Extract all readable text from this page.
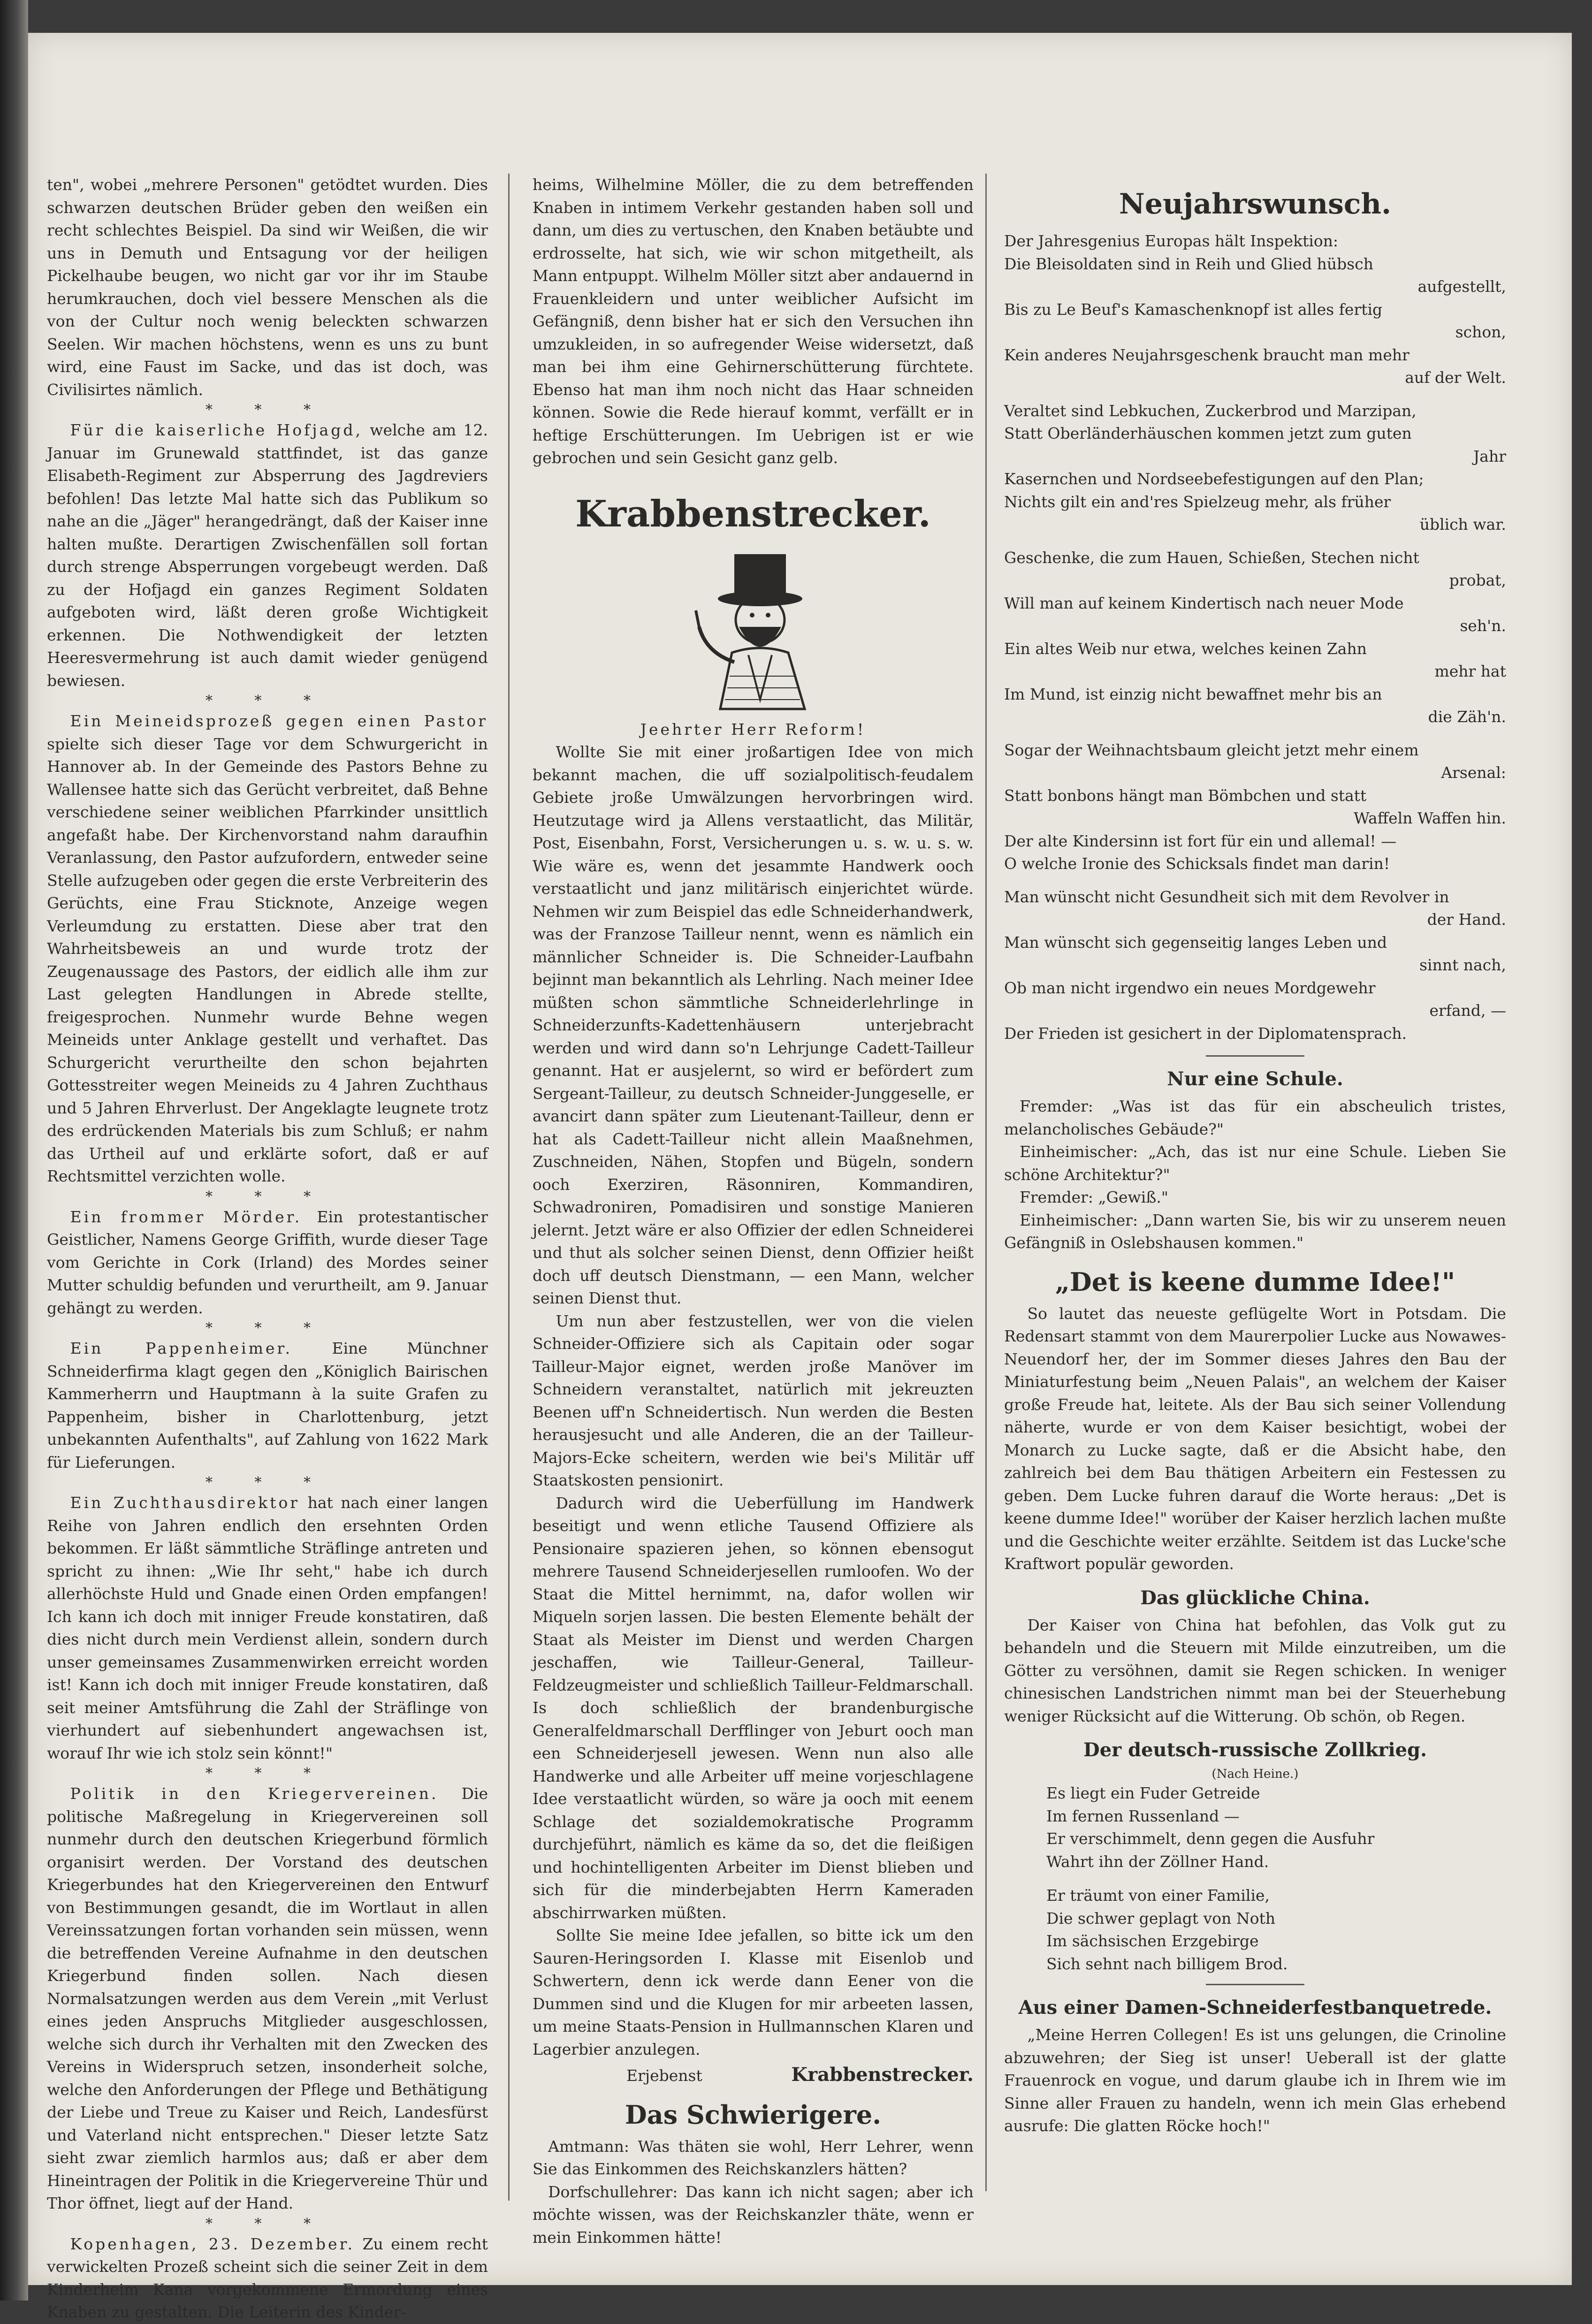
ten", wobei „mehrere Personen" getödtet wurden. Dies schwarzen deutschen Brüder geben den weißen ein recht schlechtes Beispiel. Da sind wir Weißen, die wir uns in Demuth und Entsagung vor der heiligen Pickelhaube beugen, wo nicht gar vor ihr im Staube herumkrauchen, doch viel bessere Menschen als die von der Cultur noch wenig beleckten schwarzen Seelen. Wir machen höchstens, wenn es uns zu bunt wird, eine Faust im Sacke, und das ist doch, was Civilisirtes nämlich.

* * *

Für die kaiserliche Hofjagd, welche am 12. Januar im Grunewald stattfindet, ist das ganze Elisabeth-Regiment zur Absperrung des Jagdreviers befohlen! Das letzte Mal hatte sich das Publikum so nahe an die „Jäger" herangedrängt, daß der Kaiser inne halten mußte. Derartigen Zwischenfällen soll fortan durch strenge Absperrungen vorgebeugt werden. Daß zu der Hofjagd ein ganzes Regiment Soldaten aufgeboten wird, läßt deren große Wichtigkeit erkennen. Die Nothwendigkeit der letzten Heeresvermehrung ist auch damit wieder genügend bewiesen.

* * *

Ein Meineidsprozeß gegen einen Pastor spielte sich dieser Tage vor dem Schwurgericht in Hannover ab. In der Gemeinde des Pastors Behne zu Wallensee hatte sich das Gerücht verbreitet, daß Behne verschiedene seiner weiblichen Pfarrkinder unsittlich angefaßt habe. Der Kirchenvorstand nahm daraufhin Veranlassung, den Pastor aufzufordern, entweder seine Stelle aufzugeben oder gegen die erste Verbreiterin des Gerüchts, eine Frau Sticknote, Anzeige wegen Verleumdung zu erstatten. Diese aber trat den Wahrheitsbeweis an und wurde trotz der Zeugenaussage des Pastors, der eidlich alle ihm zur Last gelegten Handlungen in Abrede stellte, freigesprochen. Nunmehr wurde Behne wegen Meineids unter Anklage gestellt und verhaftet. Das Schurgericht verurtheilte den schon bejahrten Gottesstreiter wegen Meineids zu 4 Jahren Zuchthaus und 5 Jahren Ehrverlust. Der Angeklagte leugnete trotz des erdrückenden Materials bis zum Schluß; er nahm das Urtheil auf und erklärte sofort, daß er auf Rechtsmittel verzichten wolle.

* * *

Ein frommer Mörder. Ein protestantischer Geistlicher, Namens George Griffith, wurde dieser Tage vom Gerichte in Cork (Irland) des Mordes seiner Mutter schuldig befunden und verurtheilt, am 9. Januar gehängt zu werden.

* * *

Ein Pappenheimer. Eine Münchner Schneiderfirma klagt gegen den „Königlich Bairischen Kammerherrn und Hauptmann à la suite Grafen zu Pappenheim, bisher in Charlottenburg, jetzt unbekannten Aufenthalts", auf Zahlung von 1622 Mark für Lieferungen.

* * *

Ein Zuchthausdirektor hat nach einer langen Reihe von Jahren endlich den ersehnten Orden bekommen. Er läßt sämmtliche Sträflinge antreten und spricht zu ihnen: „Wie Ihr seht," habe ich durch allerhöchste Huld und Gnade einen Orden empfangen! Ich kann ich doch mit inniger Freude konstatiren, daß dies nicht durch mein Verdienst allein, sondern durch unser gemeinsames Zusammenwirken erreicht worden ist! Kann ich doch mit inniger Freude konstatiren, daß seit meiner Amtsführung die Zahl der Sträflinge von vierhundert auf siebenhundert angewachsen ist, worauf Ihr wie ich stolz sein könnt!"

* * *

Politik in den Kriegervereinen. Die politische Maßregelung in Kriegervereinen soll nunmehr durch den deutschen Kriegerbund förmlich organisirt werden. Der Vorstand des deutschen Kriegerbundes hat den Kriegervereinen den Entwurf von Bestimmungen gesandt, die im Wortlaut in allen Vereinssatzungen fortan vorhanden sein müssen, wenn die betreffenden Vereine Aufnahme in den deutschen Kriegerbund finden sollen. Nach diesen Normalsatzungen werden aus dem Verein „mit Verlust eines jeden Anspruchs Mitglieder ausgeschlossen, welche sich durch ihr Verhalten mit den Zwecken des Vereins in Widerspruch setzen, insonderheit solche, welche den Anforderungen der Pflege und Bethätigung der Liebe und Treue zu Kaiser und Reich, Landesfürst und Vaterland nicht entsprechen." Dieser letzte Satz sieht zwar ziemlich harmlos aus; daß er aber dem Hineintragen der Politik in die Kriegervereine Thür und Thor öffnet, liegt auf der Hand.

* * *

Kopenhagen, 23. Dezember. Zu einem recht verwickelten Prozeß scheint sich die seiner Zeit in dem Kinderheim Kana vorgekommene Ermordung eines Knaben zu gestalten. Die Leiterin des Kinder-

heims, Wilhelmine Möller, die zu dem betreffenden Knaben in intimem Verkehr gestanden haben soll und dann, um dies zu vertuschen, den Knaben betäubte und erdrosselte, hat sich, wie wir schon mitgetheilt, als Mann entpuppt. Wilhelm Möller sitzt aber andauernd in Frauenkleidern und unter weiblicher Aufsicht im Gefängniß, denn bisher hat er sich den Versuchen ihn umzukleiden, in so aufregender Weise widersetzt, daß man bei ihm eine Gehirnerschütterung fürchtete. Ebenso hat man ihm noch nicht das Haar schneiden können. Sowie die Rede hierauf kommt, verfällt er in heftige Erschütterungen. Im Uebrigen ist er wie gebrochen und sein Gesicht ganz gelb.

Krabbenstrecker.
Jeehrter Herr Reform!

Wollte Sie mit einer jroßartigen Idee von mich bekannt machen, die uff sozialpolitisch-feudalem Gebiete jroße Umwälzungen hervorbringen wird. Heutzutage wird ja Allens verstaatlicht, das Militär, Post, Eisenbahn, Forst, Versicherungen u. s. w. u. s. w. Wie wäre es, wenn det jesammte Handwerk ooch verstaatlicht und janz militärisch einjerichtet würde. Nehmen wir zum Beispiel das edle Schneiderhandwerk, was der Franzose Tailleur nennt, wenn es nämlich ein männlicher Schneider is. Die Schneider-Laufbahn bejinnt man bekanntlich als Lehrling. Nach meiner Idee müßten schon sämmtliche Schneiderlehrlinge in Schneiderzunfts-Kadettenhäusern unterjebracht werden und wird dann so'n Lehrjunge Cadett-Tailleur genannt. Hat er ausjelernt, so wird er befördert zum Sergeant-Tailleur, zu deutsch Schneider-Junggeselle, er avancirt dann später zum Lieutenant-Tailleur, denn er hat als Cadett-Tailleur nicht allein Maaßnehmen, Zuschneiden, Nähen, Stopfen und Bügeln, sondern ooch Exerziren, Räsonniren, Kommandiren, Schwadroniren, Pomadisiren und sonstige Manieren jelernt. Jetzt wäre er also Offizier der edlen Schneiderei und thut als solcher seinen Dienst, denn Offizier heißt doch uff deutsch Dienstmann, — een Mann, welcher seinen Dienst thut.

Um nun aber festzustellen, wer von die vielen Schneider-Offiziere sich als Capitain oder sogar Tailleur-Major eignet, werden jroße Manöver im Schneidern veranstaltet, natürlich mit jekreuzten Beenen uff'n Schneidertisch. Nun werden die Besten herausjesucht und alle Anderen, die an der Tailleur-Majors-Ecke scheitern, werden wie bei's Militär uff Staatskosten pensionirt.

Dadurch wird die Ueberfüllung im Handwerk beseitigt und wenn etliche Tausend Offiziere als Pensionaire spazieren jehen, so können ebensogut mehrere Tausend Schneiderjesellen rumloofen. Wo der Staat die Mittel hernimmt, na, dafor wollen wir Miqueln sorjen lassen. Die besten Elemente behält der Staat als Meister im Dienst und werden Chargen jeschaffen, wie Tailleur-General, Tailleur-Feldzeugmeister und schließlich Tailleur-Feldmarschall. Is doch schließlich der brandenburgische Generalfeldmarschall Derfflinger von Jeburt ooch man een Schneiderjesell jewesen. Wenn nun also alle Handwerke und alle Arbeiter uff meine vorjeschlagene Idee verstaatlicht würden, so wäre ja ooch mit eenem Schlage det sozialdemokratische Programm durchjeführt, nämlich es käme da so, det die fleißigen und hochintelligenten Arbeiter im Dienst blieben und sich für die minderbejabten Herrn Kameraden abschirrwarken müßten.

Sollte Sie meine Idee jefallen, so bitte ick um den Sauren-Heringsorden I. Klasse mit Eisenlob und Schwertern, denn ick werde dann Eener von die Dummen sind und die Klugen for mir arbeeten lassen, um meine Staats-Pension in Hullmannschen Klaren und Lagerbier anzulegen.

Erjebenst	Krabbenstrecker.
Das Schwierigere.

Amtmann: Was thäten sie wohl, Herr Lehrer, wenn Sie das Einkommen des Reichskanzlers hätten?

Dorfschullehrer: Das kann ich nicht sagen; aber ich möchte wissen, was der Reichskanzler thäte, wenn er mein Einkommen hätte!

Neujahrswunsch.
Der Jahresgenius Europas hält Inspektion:
Die Bleisoldaten sind in Reih und Glied hübsch
aufgestellt,
Bis zu Le Beuf's Kamaschenknopf ist alles fertig
schon,
Kein anderes Neujahrsgeschenk braucht man mehr
auf der Welt.
Veraltet sind Lebkuchen, Zuckerbrod und Marzipan,
Statt Oberländerhäuschen kommen jetzt zum guten
Jahr
Kasernchen und Nordseebefestigungen auf den Plan;
Nichts gilt ein and'res Spielzeug mehr, als früher
üblich war.
Geschenke, die zum Hauen, Schießen, Stechen nicht
probat,
Will man auf keinem Kindertisch nach neuer Mode
seh'n.
Ein altes Weib nur etwa, welches keinen Zahn
mehr hat
Im Mund, ist einzig nicht bewaffnet mehr bis an
die Zäh'n.
Sogar der Weihnachtsbaum gleicht jetzt mehr einem
Arsenal:
Statt bonbons hängt man Bömbchen und statt
Waffeln Waffen hin.
Der alte Kindersinn ist fort für ein und allemal! —
O welche Ironie des Schicksals findet man darin!
Man wünscht nicht Gesundheit sich mit dem Revolver in
der Hand.
Man wünscht sich gegenseitig langes Leben und
sinnt nach,
Ob man nicht irgendwo ein neues Mordgewehr
erfand, —
Der Frieden ist gesichert in der Diplomatensprach.
Nur eine Schule.

Fremder: „Was ist das für ein abscheulich tristes, melancholisches Gebäude?"

Einheimischer: „Ach, das ist nur eine Schule. Lieben Sie schöne Architektur?"

Fremder: „Gewiß."

Einheimischer: „Dann warten Sie, bis wir zu unserem neuen Gefängniß in Oslebshausen kommen."

„Det is keene dumme Idee!"

So lautet das neueste geflügelte Wort in Potsdam. Die Redensart stammt von dem Maurerpolier Lucke aus Nowawes-Neuendorf her, der im Sommer dieses Jahres den Bau der Miniaturfestung beim „Neuen Palais", an welchem der Kaiser große Freude hat, leitete. Als der Bau sich seiner Vollendung näherte, wurde er von dem Kaiser besichtigt, wobei der Monarch zu Lucke sagte, daß er die Absicht habe, den zahlreich bei dem Bau thätigen Arbeitern ein Festessen zu geben. Dem Lucke fuhren darauf die Worte heraus: „Det is keene dumme Idee!" worüber der Kaiser herzlich lachen mußte und die Geschichte weiter erzählte. Seitdem ist das Lucke'sche Kraftwort populär geworden.

Das glückliche China.

Der Kaiser von China hat befohlen, das Volk gut zu behandeln und die Steuern mit Milde einzutreiben, um die Götter zu versöhnen, damit sie Regen schicken. In weniger chinesischen Landstrichen nimmt man bei der Steuerhebung weniger Rücksicht auf die Witterung. Ob schön, ob Regen.

Der deutsch-russische Zollkrieg.
(Nach Heine.)

Es liegt ein Fuder Getreide

Im fernen Russenland —

Er verschimmelt, denn gegen die Ausfuhr

Wahrt ihn der Zöllner Hand.

Er träumt von einer Familie,

Die schwer geplagt von Noth

Im sächsischen Erzgebirge

Sich sehnt nach billigem Brod.

Aus einer Damen-Schneiderfestbanquetrede.

„Meine Herren Collegen! Es ist uns gelungen, die Crinoline abzuwehren; der Sieg ist unser! Ueberall ist der glatte Frauenrock en vogue, und darum glaube ich in Ihrem wie im Sinne aller Frauen zu handeln, wenn ich mein Glas erhebend ausrufe: Die glatten Röcke hoch!"
